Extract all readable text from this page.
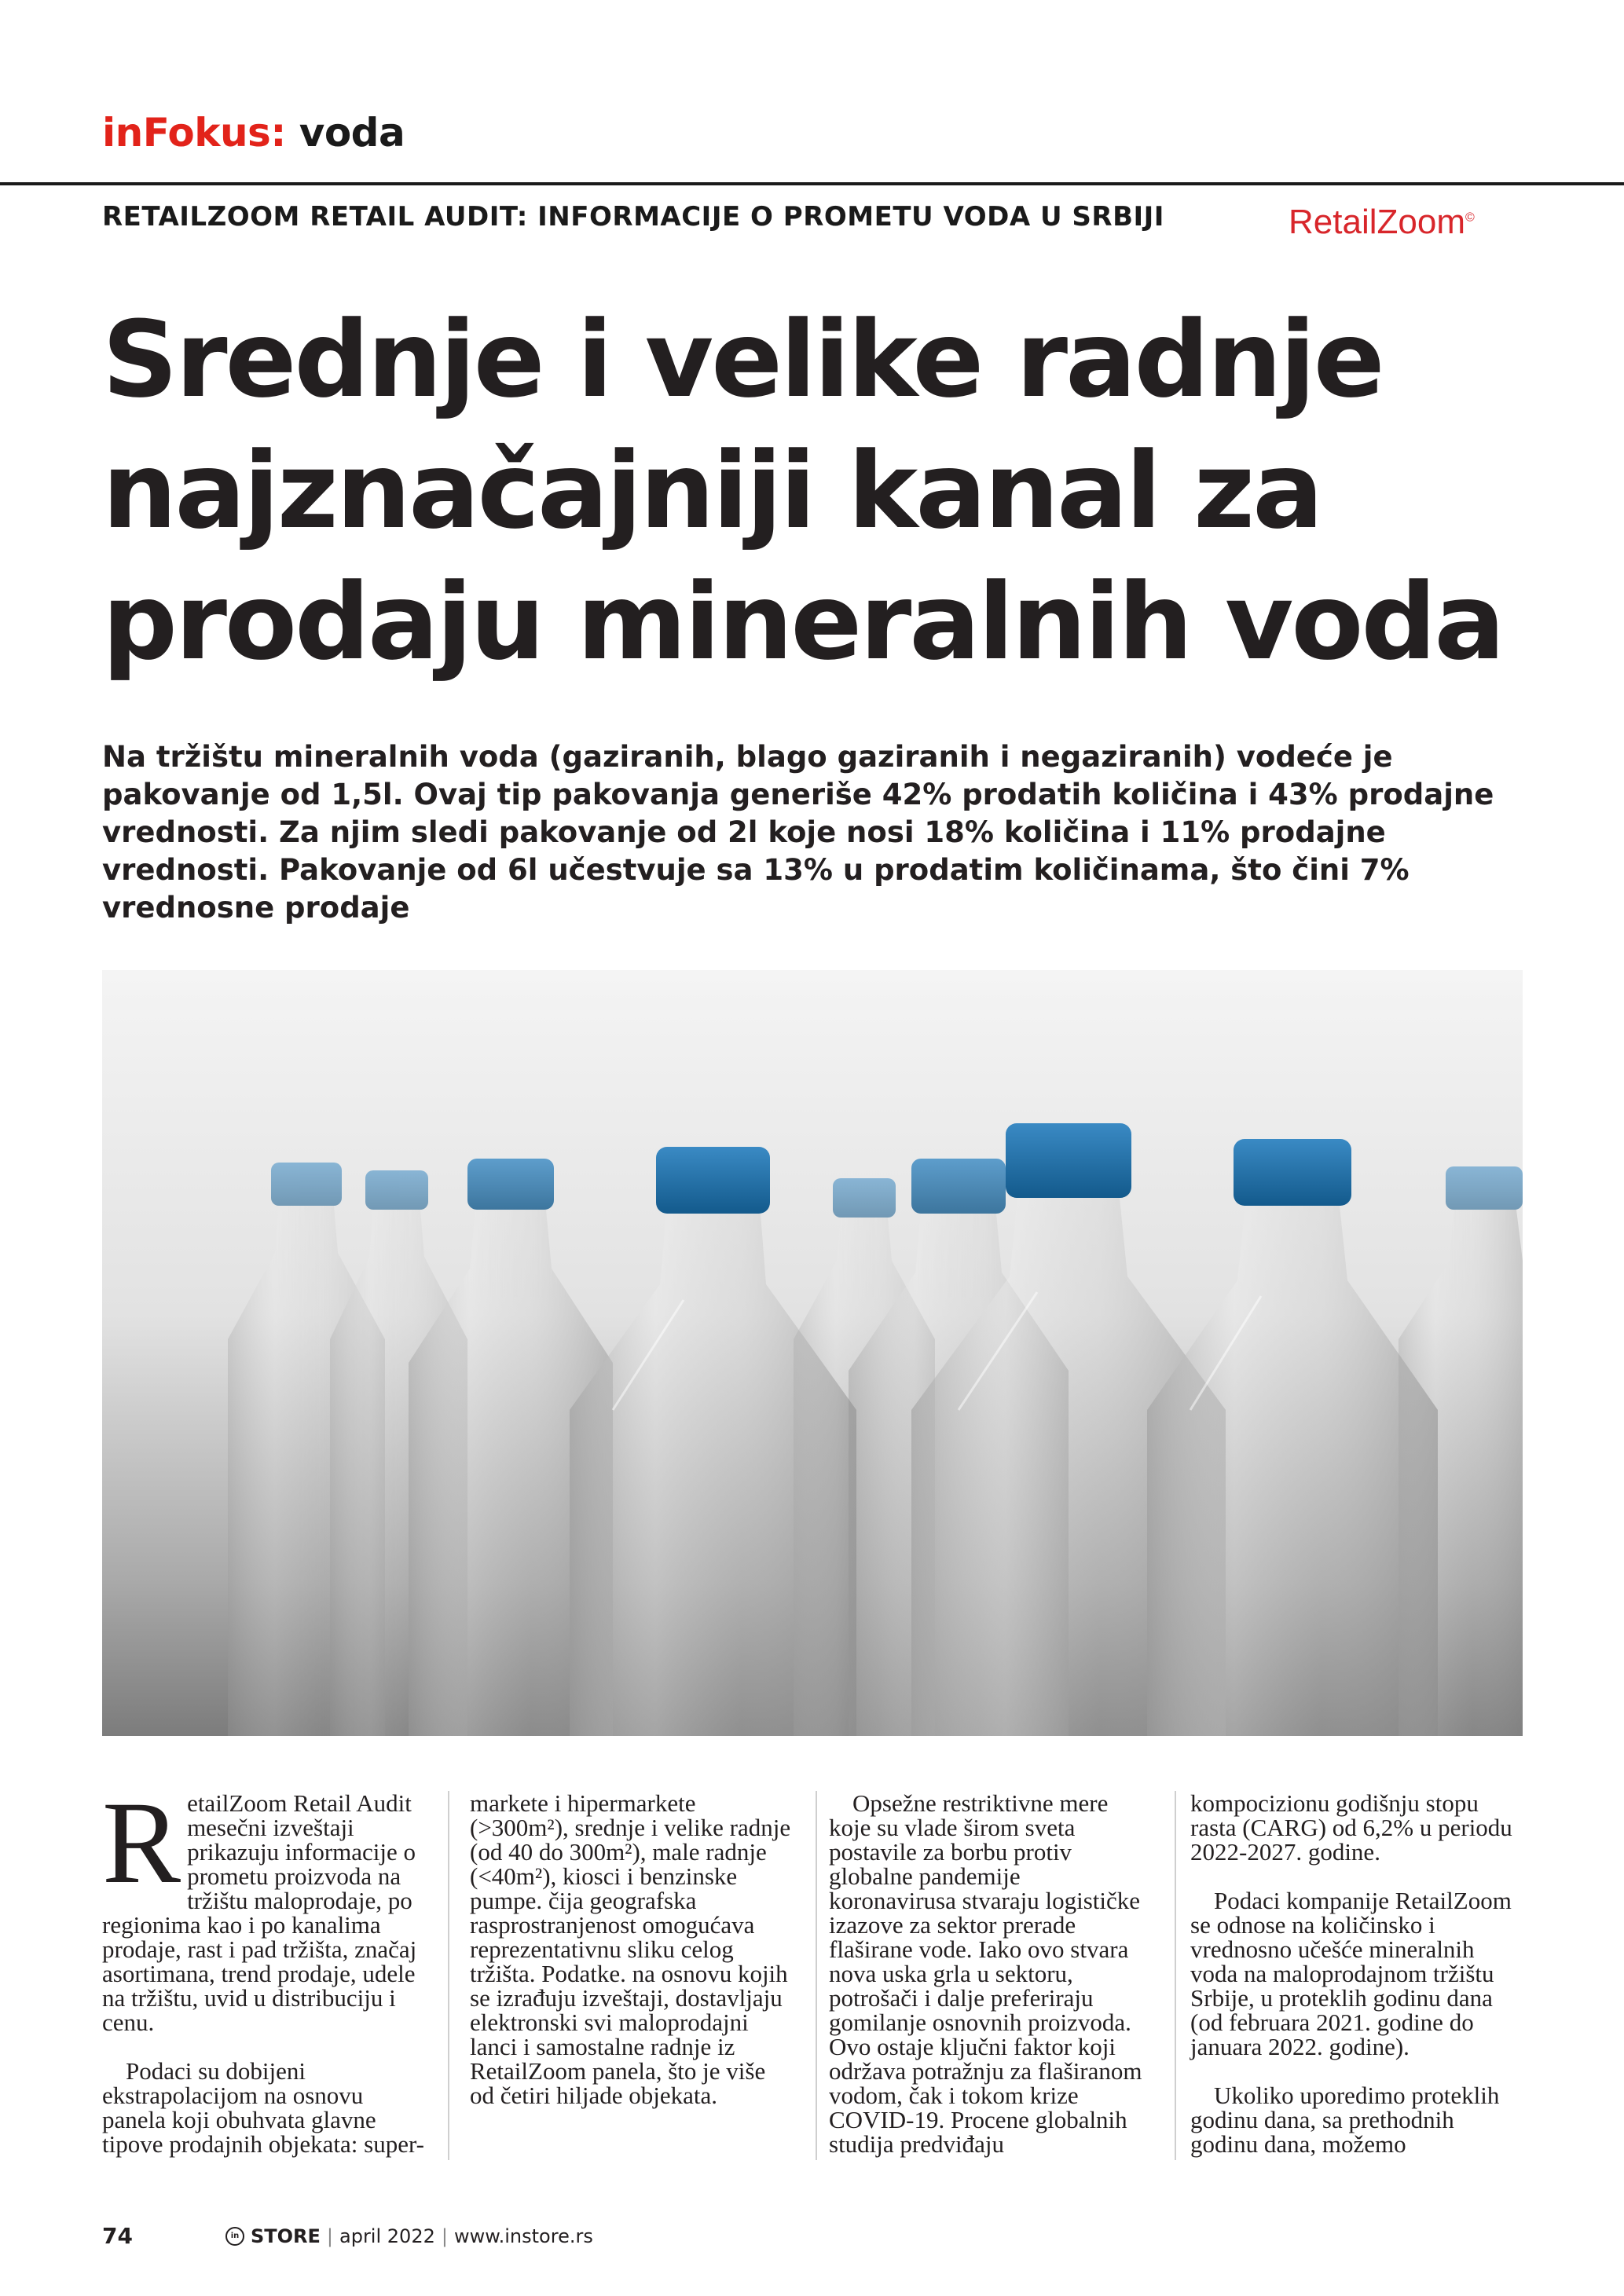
inFokus: voda
RETAILZOOM RETAIL AUDIT: INFORMACIJE O PROMETU VODA U SRBIJI	RetailZoom©
Srednje i velike radnje najznačajniji kanal za prodaju mineralnih voda
Na tržištu mineralnih voda (gaziranih, blago gaziranih i negaziranih) vodeće je pakovanje od 1,5l. Ovaj tip pakovanja generiše 42% prodatih količina i 43% prodajne vrednosti. Za njim sledi pakovanje od 2l koje nosi 18% količina i 11% prodajne vrednosti. Pakovanje od 6l učestvuje sa 13% u prodatim količinama, što čini 7% vrednosne prodaje

RetailZoom Retail Audit mesečni izveštaji prikazuju informacije o prometu proizvoda na tržištu maloprodaje, po regionima kao i po kanalima prodaje, rast i pad tržišta, značaj asortimana, trend prodaje, udele na tržištu, uvid u distribuciju i cenu.

Podaci su dobijeni ekstrapolacijom na osnovu panela koji obuhvata glavne tipove prodajnih objekata: super-

markete i hipermarkete (>300m²), srednje i velike radnje (od 40 do 300m²), male radnje (<40m²), kiosci i benzinske pumpe. čija geografska rasprostranjenost omogućava reprezentativnu sliku celog tržišta. Podatke. na osnovu kojih se izrađuju izveštaji, dostavljaju elektronski svi maloprodajni lanci i samostalne radnje iz RetailZoom panela, što je više od četiri hiljade objekata.

Opsežne restriktivne mere koje su vlade širom sveta postavile za borbu protiv globalne pandemije koronavirusa stvaraju logističke izazove za sektor prerade flaširane vode. Iako ovo stvara nova uska grla u sektoru, potrošači i dalje preferiraju gomilanje osnovnih proizvoda. Ovo ostaje ključni faktor koji održava potražnju za flaširanom vodom, čak i tokom krize COVID-19. Procene globalnih studija predviđaju

kompocizionu godišnju stopu rasta (CARG) od 6,2% u periodu 2022-2027. godine.

Podaci kompanije RetailZoom se odnose na količinsko i vrednosno učešće mineralnih voda na maloprodajnom tržištu Srbije, u proteklih godinu dana (od februara 2021. godine do januara 2022. godine).

Ukoliko uporedimo proteklih godinu dana, sa prethodnih godinu dana, možemo

74	in STORE | april 2022 | www.instore.rs
